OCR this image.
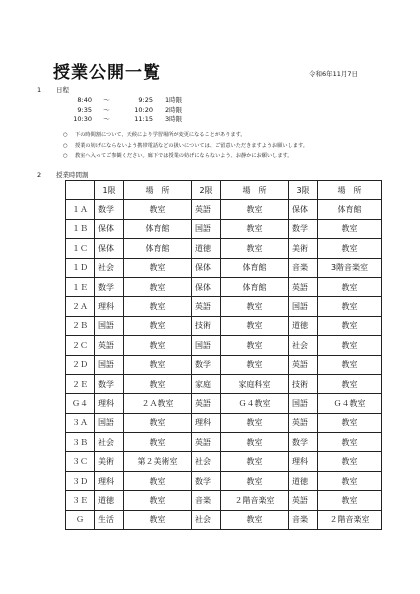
授業公開一覧	令和6年11月7日
1 日程
8:40	～	9:25	1時限
9:35	～	10:20	2時限
10:30	～	11:15	3時限
○	下の時間割について、天候により学習場所が変更になることがあります。
○	授業の妨げにならないよう携帯電話などの扱いについては、ご留意いただきますようお願いします。
○	教室へ入ってご参観ください。廊下では授業の妨げにならないよう、お静かにお願いします。
2 授業時間割
	1限	場　所	2限	場　所	3限	場　所
１Ａ	数学	教室	英語	教室	保体	体育館
１Ｂ	保体	体育館	国語	教室	数学	教室
１Ｃ	保体	体育館	道徳	教室	美術	教室
１Ｄ	社会	教室	保体	体育館	音楽	3階音楽室
１Ｅ	数学	教室	保体	体育館	英語	教室
２Ａ	理科	教室	英語	教室	国語	教室
２Ｂ	国語	教室	技術	教室	道徳	教室
２Ｃ	英語	教室	国語	教室	社会	教室
２Ｄ	国語	教室	数学	教室	英語	教室
２Ｅ	数学	教室	家庭	家庭科室	技術	教室
Ｇ４	理科	２Ａ教室	英語	Ｇ４教室	国語	Ｇ４教室
３Ａ	国語	教室	理科	教室	英語	教室
３Ｂ	社会	教室	英語	教室	数学	教室
３Ｃ	美術	第２美術室	社会	教室	理科	教室
３Ｄ	理科	教室	数学	教室	道徳	教室
３Ｅ	道徳	教室	音楽	２階音楽室	英語	教室
Ｇ	生活	教室	社会	教室	音楽	２階音楽室
